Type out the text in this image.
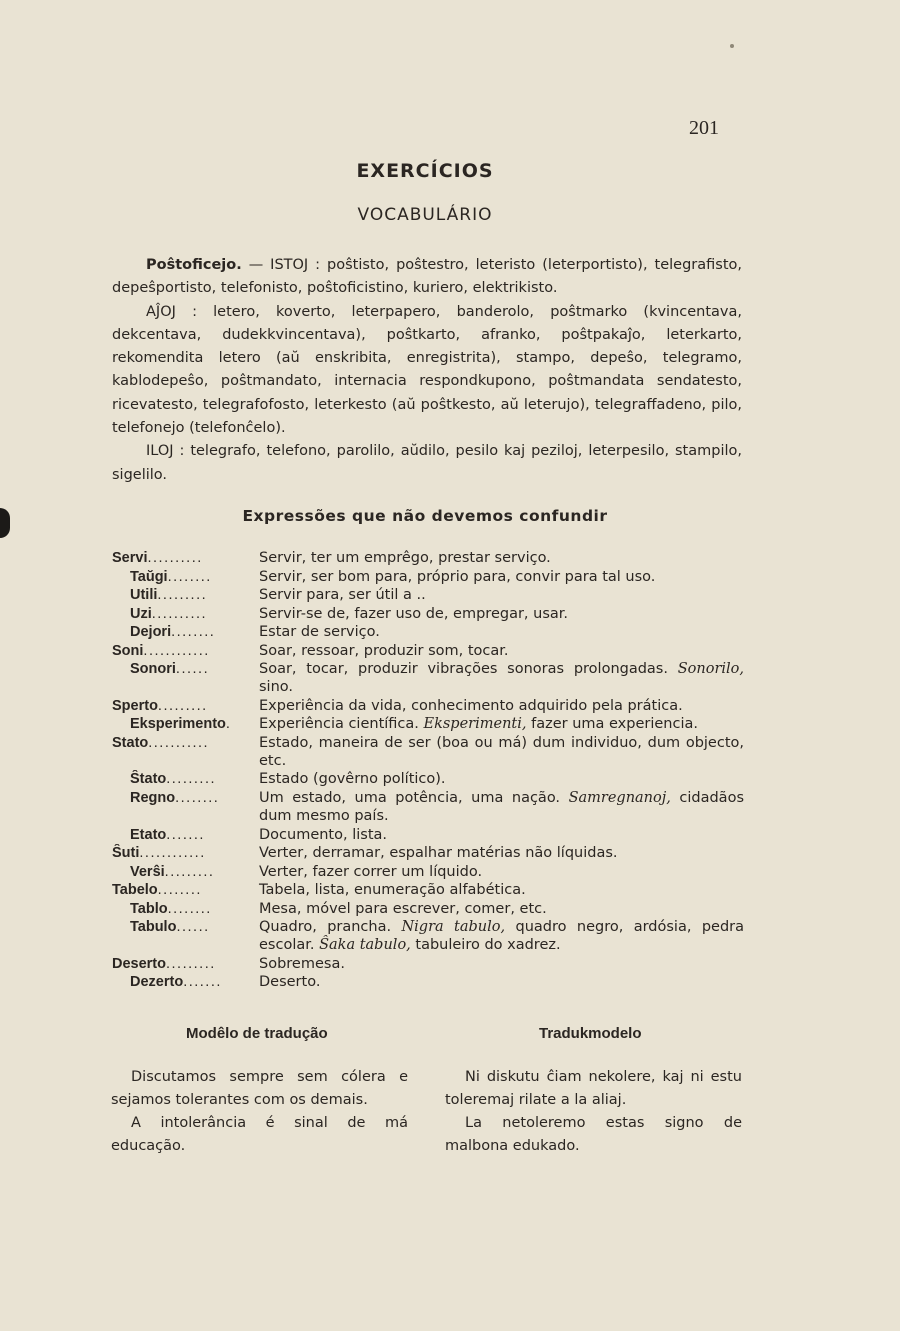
201
EXERCÍCIOS
VOCABULÁRIO

Poŝtoficejo. — ISTOJ : poŝtisto, poŝtestro, leteristo (leterportisto), telegrafisto, depeŝportisto, telefonisto, poŝtoficistino, kuriero, elektrikisto.

AĴOJ : letero, koverto, leterpapero, banderolo, poŝtmarko (kvincentava, dekcentava, dudekkvincentava), poŝtkarto, afranko, poŝtpakaĵo, leterkarto, rekomendita letero (aŭ enskribita, enregistrita), stampo, depeŝo, telegramo, kablodepeŝo, poŝtmandato, internacia respondkupono, poŝtmandata sendatesto, ricevatesto, telegrafofosto, leterkesto (aŭ poŝtkesto, aŭ leterujo), telegraffadeno, pilo, telefonejo (telefonĉelo).

ILOJ : telegrafo, telefono, parolilo, aŭdilo, pesilo kaj peziloj, leterpesilo, stampilo, sigelilo.

Expressões que não devemos confundir
Servi..........	Servir, ter um emprêgo, prestar serviço.
Taŭgi........	Servir, ser bom para, próprio para, convir para tal uso.
Utili.........	Servir para, ser útil a ..
Uzi..........	Servir-se de, fazer uso de, empregar, usar.
Dejori........	Estar de serviço.
Soni............	Soar, ressoar, produzir som, tocar.
Sonori......	Soar, tocar, produzir vibrações sonoras prolongadas. Sonorilo, sino.
Sperto.........	Experiência da vida, conhecimento adquirido pela prática.
Eksperimento.	Experiência científica. Eksperimenti, fazer uma experiencia.
Stato...........	Estado, maneira de ser (boa ou má) dum individuo, dum objecto, etc.
Ŝtato.........	Estado (govêrno político).
Regno........	Um estado, uma potência, uma nação. Samregnanoj, cidadãos dum mesmo país.
Etato.......	Documento, lista.
Ŝuti............	Verter, derramar, espalhar matérias não líquidas.
Verŝi.........	Verter, fazer correr um líquido.
Tabelo........	Tabela, lista, enumeração alfabética.
Tablo........	Mesa, móvel para escrever, comer, etc.
Tabulo......	Quadro, prancha. Nigra tabulo, quadro negro, ardósia, pedra escolar. Ŝaka tabulo, tabuleiro do xadrez.
Deserto.........	Sobremesa.
Dezerto.......	Deserto.
Modêlo de tradução	Tradukmodelo

Discutamos sempre sem cólera e sejamos tolerantes com os demais.

A intolerância é sinal de má educação.

Ni diskutu ĉiam nekolere, kaj ni estu toleremaj rilate a la aliaj.

La netoleremo estas signo de malbona edukado.
